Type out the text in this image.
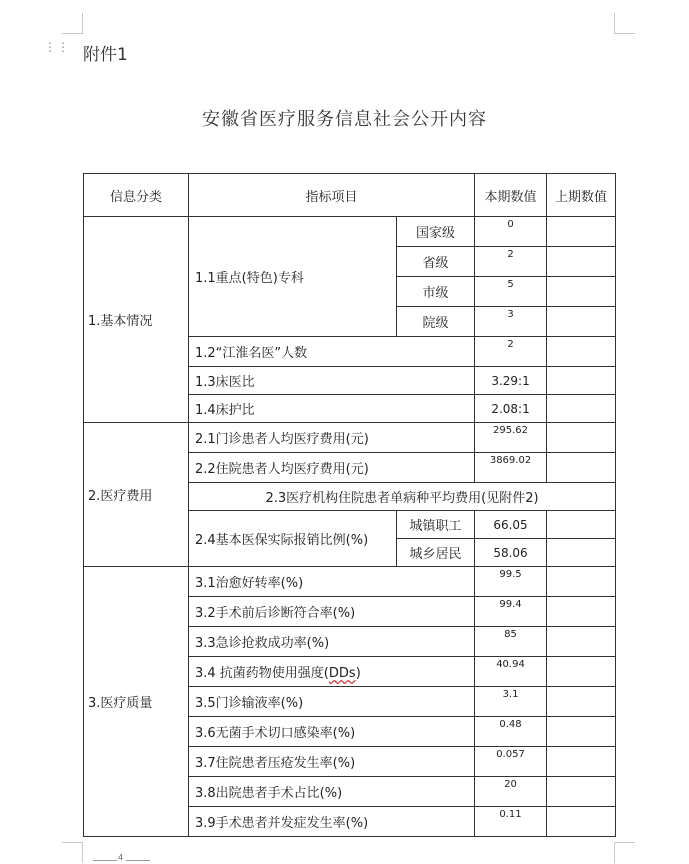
⋮⋮ 附件1
安徽省医疗服务信息社会公开内容
信息分类	指标项目		本期数值	上期数值
1.基本情况	1.1重点(特色)专科	国家级	0	
		省级	2	
		市级	5	
		院级	3	
	1.2“江淮名医”人数		2	
	1.3床医比		3.29:1	
	1.4床护比		2.08:1	
2.医疗费用	2.1门诊患者人均医疗费用(元)		295.62	
	2.2住院患者人均医疗费用(元)		3869.02	
	2.3医疗机构住院患者单病种平均费用(见附件2)			
	2.4基本医保实际报销比例(%)	城镇职工	66.05	
		城乡居民	58.06	
3.医疗质量	3.1治愈好转率(%)		99.5	
	3.2手术前后诊断符合率(%)		99.4	
	3.3急诊抢救成功率(%)		85	
	3.4 抗菌药物使用强度(DDs)		40.94	
	3.5门诊输液率(%)		3.1	
	3.6无菌手术切口感染率(%)		0.48	
	3.7住院患者压疮发生率(%)		0.057	
	3.8出院患者手术占比(%)		20	
	3.9手术患者并发症发生率(%)		0.11	
4
